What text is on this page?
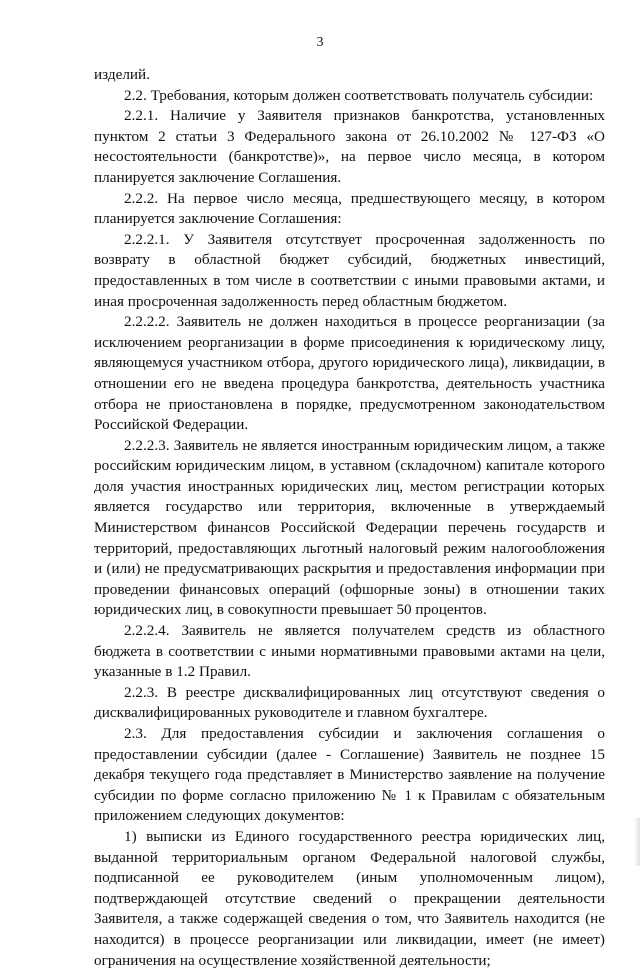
3

изделий.

2.2. Требования, которым должен соответствовать получатель субсидии:

2.2.1. Наличие у Заявителя признаков банкротства, установленных пунктом 2 статьи 3 Федерального закона от 26.10.2002 № 127-ФЗ «О несостоятельности (банкротстве)», на первое число месяца, в котором планируется заключение Соглашения.

2.2.2. На первое число месяца, предшествующего месяцу, в котором планируется заключение Соглашения:

2.2.2.1. У Заявителя отсутствует просроченная задолженность по возврату в областной бюджет субсидий, бюджетных инвестиций, предоставленных в том числе в соответствии с иными правовыми актами, и иная просроченная задолженность перед областным бюджетом.

2.2.2.2. Заявитель не должен находиться в процессе реорганизации (за исключением реорганизации в форме присоединения к юридическому лицу, являющемуся участником отбора, другого юридического лица), ликвидации, в отношении его не введена процедура банкротства, деятельность участника отбора не приостановлена в порядке, предусмотренном законодательством Российской Федерации.

2.2.2.3. Заявитель не является иностранным юридическим лицом, а также российским юридическим лицом, в уставном (складочном) капитале которого доля участия иностранных юридических лиц, местом регистрации которых является государство или территория, включенные в утверждаемый Министерством финансов Российской Федерации перечень государств и территорий, предоставляющих льготный налоговый режим налогообложения и (или) не предусматривающих раскрытия и предоставления информации при проведении финансовых операций (офшорные зоны) в отношении таких юридических лиц, в совокупности превышает 50 процентов.

2.2.2.4. Заявитель не является получателем средств из областного бюджета в соответствии с иными нормативными правовыми актами на цели, указанные в 1.2 Правил.

2.2.3. В реестре дисквалифицированных лиц отсутствуют сведения о дисквалифицированных руководителе и главном бухгалтере.

2.3. Для предоставления субсидии и заключения соглашения о предоставлении субсидии (далее - Соглашение) Заявитель не позднее 15 декабря текущего года представляет в Министерство заявление на получение субсидии по форме согласно приложению № 1 к Правилам с обязательным приложением следующих документов:

1) выписки из Единого государственного реестра юридических лиц, выданной территориальным органом Федеральной налоговой службы, подписанной ее руководителем (иным уполномоченным лицом), подтверждающей отсутствие сведений о прекращении деятельности Заявителя, а также содержащей сведения о том, что Заявитель находится (не находится) в процессе реорганизации или ликвидации, имеет (не имеет) ограничения на осуществление хозяйственной деятельности;
